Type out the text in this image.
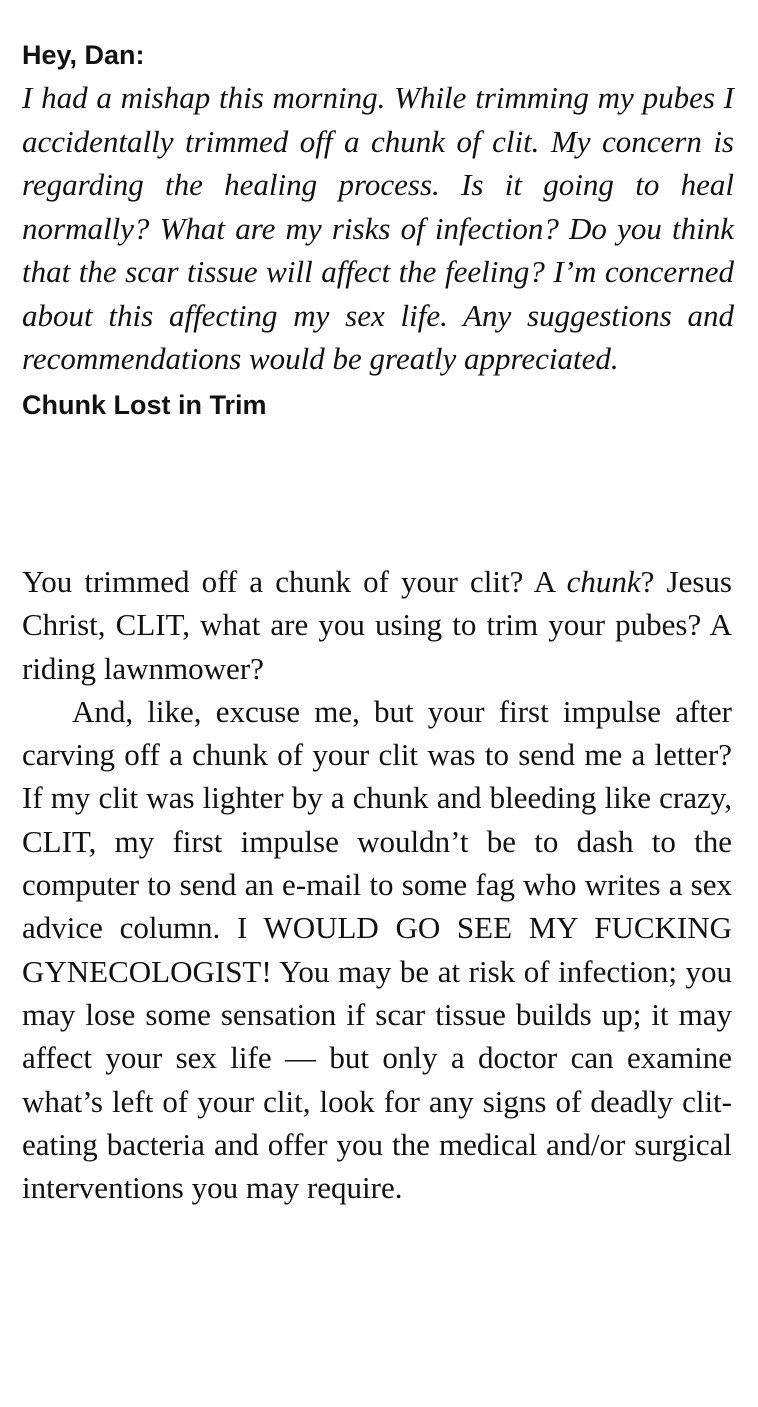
Hey, Dan:

I had a mishap this morning. While trimming my pubes I accidentally trimmed off a chunk of clit. My concern is regarding the healing process. Is it going to heal normally? What are my risks of infection? Do you think that the scar tissue will affect the feeling? I’m concerned about this affecting my sex life. Any suggestions and recommendations would be greatly appreciated.

Chunk Lost in Trim

You trimmed off a chunk of your clit? A chunk? Jesus Christ, CLIT, what are you using to trim your pubes? A riding lawnmower?

And, like, excuse me, but your first impulse after carving off a chunk of your clit was to send me a letter? If my clit was lighter by a chunk and bleeding like crazy, CLIT, my first impulse wouldn’t be to dash to the computer to send an e-mail to some fag who writes a sex advice column. I WOULD GO SEE MY FUCKING GYNECOLOGIST! You may be at risk of infection; you may lose some sensation if scar tissue builds up; it may affect your sex life — but only a doctor can examine what’s left of your clit, look for any signs of deadly clit-eating bacteria and offer you the medical and/or surgical interventions you may require.
